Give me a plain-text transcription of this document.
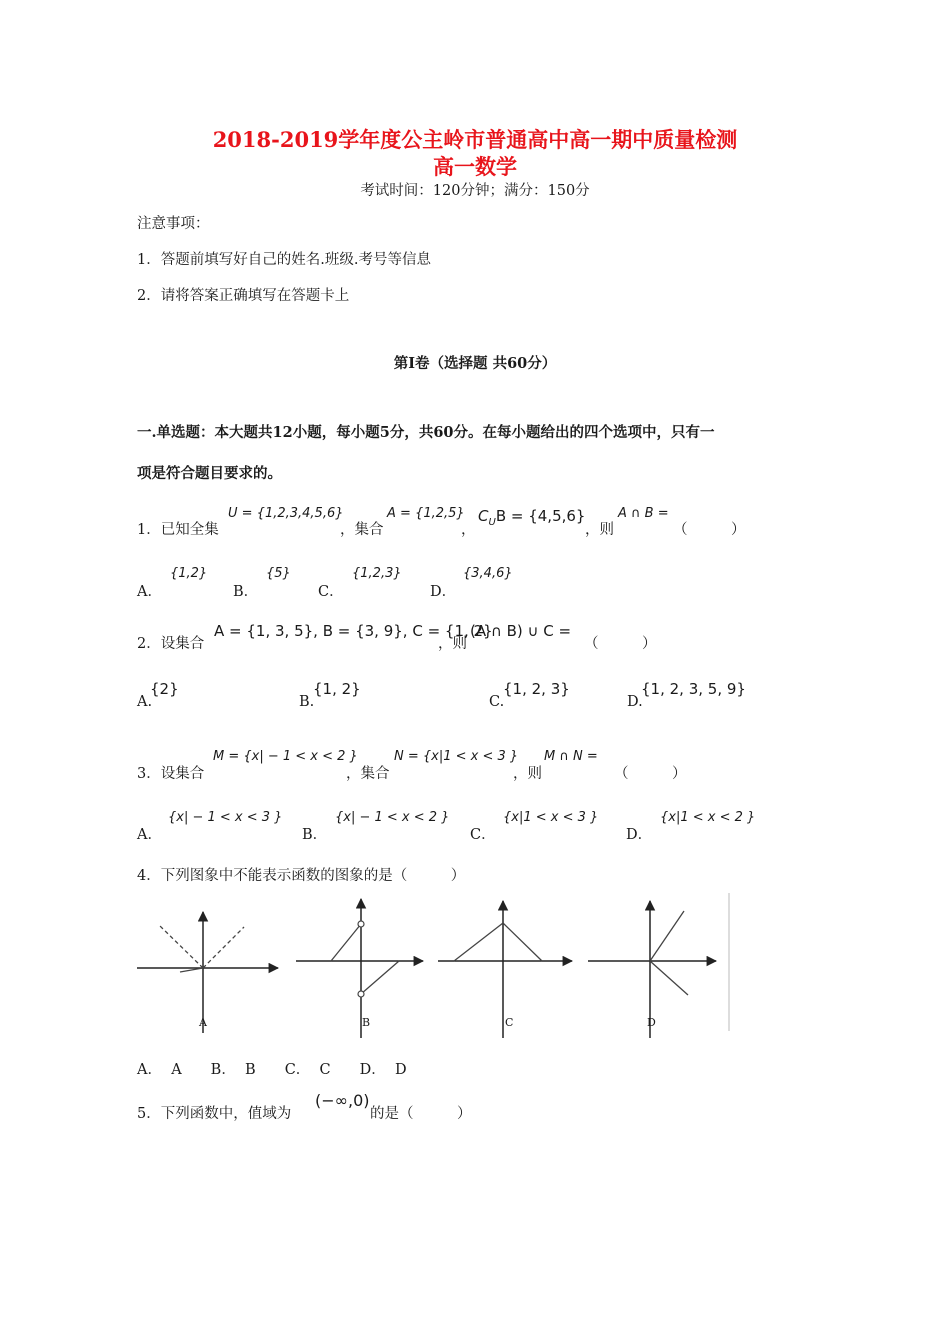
2018-2019学年度公主岭市普通高中高一期中质量检测
高一数学
考试时间：120分钟；满分：150分
注意事项：
1．答题前填写好自己的姓名.班级.考号等信息
2．请将答案正确填写在答题卡上
第I卷（选择题 共60分）
一.单选题：本大题共12小题，每小题5分，共60分。在每小题给出的四个选项中，只有一
项是符合题目要求的。
1．已知全集
U = {1,2,3,4,5,6}
，集合
A = {1,2,5}
，
$C_UB = \{4,5,6\}$
，则
A ∩ B =
（　　　）
A．
{1,2}
B．
{5}
C．
{1,2,3}
D．
{3,4,6}
2．设集合
A = {1, 3, 5}, B = {3, 9}, C = {1, 2}
，则
(A ∩ B) ∪ C =
（　　　）
A.
{2}
B.
{1, 2}
C.
{1, 2, 3}
D.
{1, 2, 3, 5, 9}
3．设集合
M = {x| − 1 < x < 2 }
，集合
N = {x|1 < x < 3 }
，则
M ∩ N =
（　　　）
A．
{x| − 1 < x < 3 }
B．
{x| − 1 < x < 2 }
C．
{x|1 < x < 3 }
D．
{x|1 < x < 2 }
4．下列图象中不能表示函数的图象的是（　　　）
A	B	C	D
A．  A　　B．  B　　C．  C　　D．  D
5．下列函数中，值域为
(−∞,0)
的是（　　　）
